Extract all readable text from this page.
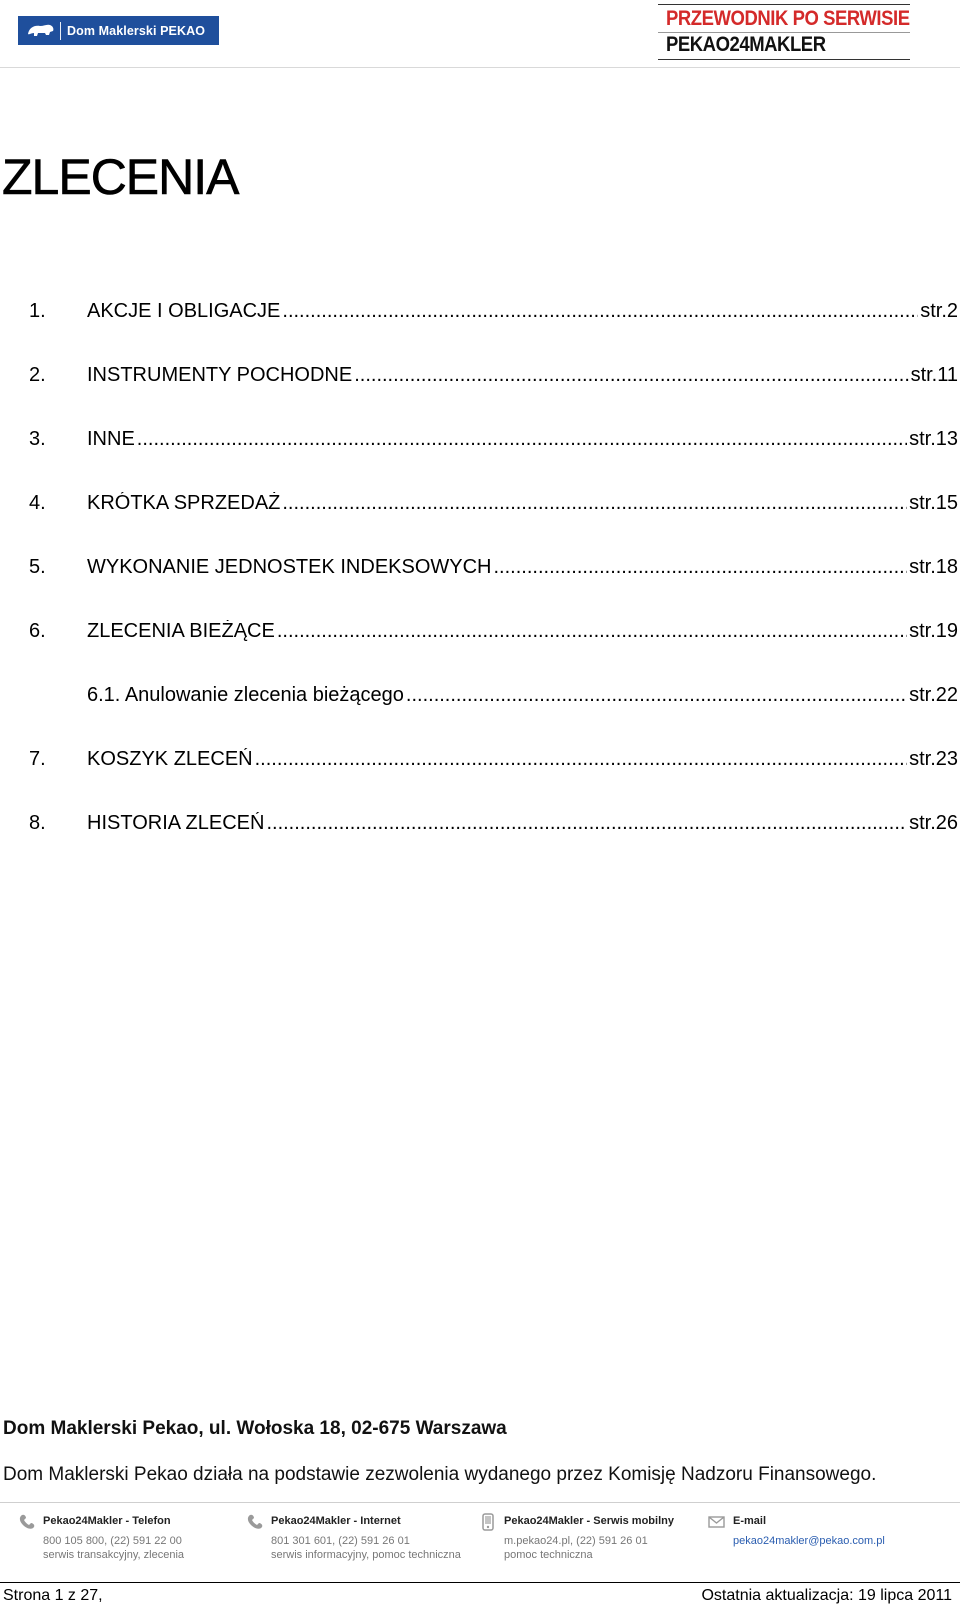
Dom Maklerski PEKAO
PRZEWODNIK PO SERWISIE
PEKAO24MAKLER
ZLECENIA
1. AKCJE I OBLIGACJE .....	str.2
2. INSTRUMENTY POCHODNE .....	str.11
3. INNE .....	str.13
4. KRÓTKA SPRZEDAŻ .....	str.15
5. WYKONANIE JEDNOSTEK INDEKSOWYCH .....	str.18
6. ZLECENIA BIEŻĄCE .....	str.19
6.1. Anulowanie zlecenia bieżącego .....	str.22
7. KOSZYK ZLECEŃ .....	str.23
8. HISTORIA ZLECEŃ .....	str.26
Dom Maklerski Pekao, ul. Wołoska 18, 02-675 Warszawa
Dom Maklerski Pekao działa na podstawie zezwolenia wydanego przez Komisję Nadzoru Finansowego.
Pekao24Makler - Telefon
800 105 800, (22) 591 22 00
serwis transakcyjny, zlecenia
Pekao24Makler - Internet
801 301 601, (22) 591 26 01
serwis informacyjny, pomoc techniczna
Pekao24Makler - Serwis mobilny
m.pekao24.pl, (22) 591 26 01
pomoc techniczna
E-mail
pekao24makler@pekao.com.pl
Strona 1 z 27,	Ostatnia aktualizacja: 19 lipca 2011
